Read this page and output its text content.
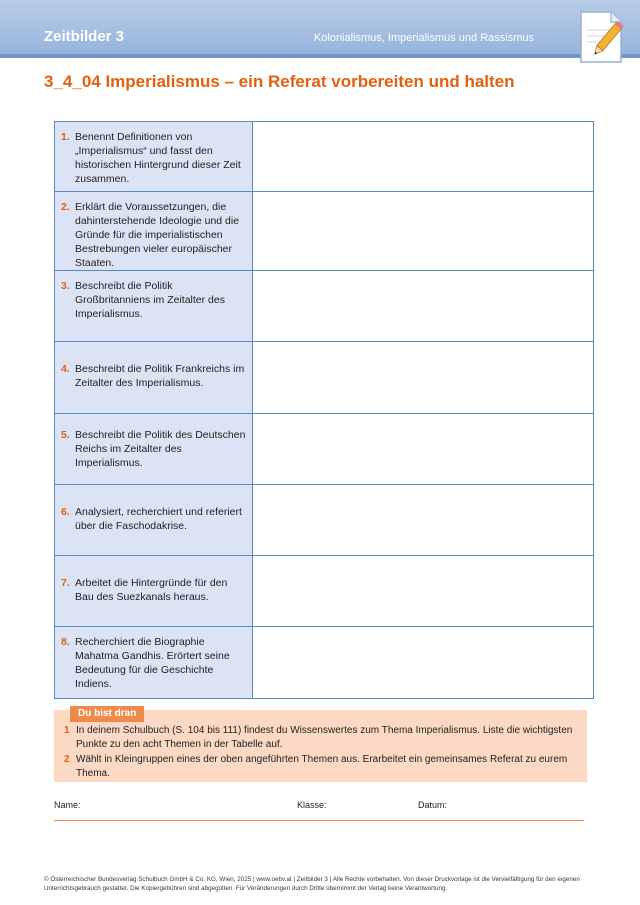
Zeitbilder 3	Kolonialismus, Imperialismus und Rassismus
3_4_04 Imperialismus – ein Referat vorbereiten und halten
1. Benennt Definitionen von „Imperialismus“ und fasst den historischen Hintergrund dieser Zeit zusammen.	

2. Erklärt die Voraussetzungen, die dahinterstehende Ideologie und die Gründe für die imperialistischen Bestrebungen vieler europäischer Staaten.	

3. Beschreibt die Politik Großbritanniens im Zeitalter des Imperialismus.	

4. Beschreibt die Politik Frankreichs im Zeitalter des Imperialismus.	

5. Beschreibt die Politik des Deutschen Reichs im Zeitalter des Imperialismus.	

6. Analysiert, recherchiert und referiert über die Faschodakrise.	

7. Arbeitet die Hintergründe für den Bau des Suezkanals heraus.	

8. Recherchiert die Biographie Mahatma Gandhis. Erörtert seine Bedeutung für die Geschichte Indiens.	

1 In deinem Schulbuch (S. 104 bis 111) findest du Wissenswertes zum Thema Imperialismus. Liste die wichtigsten Punkte zu den acht Themen in der Tabelle auf.
2 Wählt in Kleingruppen eines der oben angeführten Themen aus. Erarbeitet ein gemeinsames Referat zu eurem Thema.
Du bist dran
Name:	Klasse:	Datum:
© Österreichischer Bundesverlag Schulbuch GmbH & Co. KG, Wien, 2025 | www.oebv.at | Zeitbilder 3 | Alle Rechte vorbehalten. Von dieser Druckvorlage ist die Vervielfältigung für den eigenen Unterrichtsgebrauch gestattet. Die Kopiergebühren sind abgegolten. Für Veränderungen durch Dritte übernimmt der Verlag keine Verantwortung.
